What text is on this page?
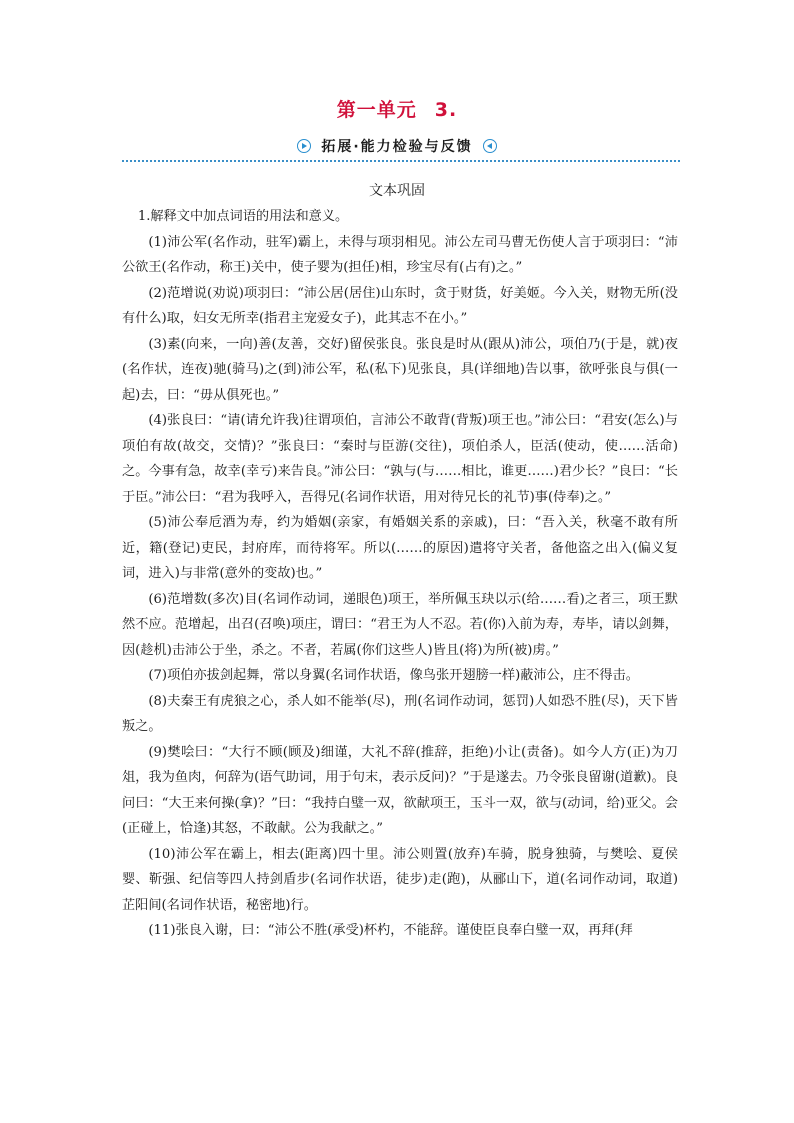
第一单元 3.
拓展·能力检验与反馈
文本巩固

1.解释文中加点词语的用法和意义。

(1)沛公军(名作动，驻军)霸上，未得与项羽相见。沛公左司马曹无伤使人言于项羽曰：“沛公欲王(名作动，称王)关中，使子婴为(担任)相，珍宝尽有(占有)之。”

(2)范增说(劝说)项羽曰：“沛公居(居住)山东时，贪于财货，好美姬。今入关，财物无所(没有什么)取，妇女无所幸(指君主宠爱女子)，此其志不在小。”

(3)素(向来，一向)善(友善，交好)留侯张良。张良是时从(跟从)沛公，项伯乃(于是，就)夜(名作状，连夜)驰(骑马)之(到)沛公军，私(私下)见张良，具(详细地)告以事，欲呼张良与俱(一起)去，曰：“毋从俱死也。”

(4)张良曰：“请(请允许我)往谓项伯，言沛公不敢背(背叛)项王也。”沛公曰：“君安(怎么)与项伯有故(故交，交情)？”张良曰：“秦时与臣游(交往)，项伯杀人，臣活(使动，使……活命)之。今事有急，故幸(幸亏)来告良。”沛公曰：“孰与(与……相比，谁更……)君少长？”良曰：“长于臣。”沛公曰：“君为我呼入，吾得兄(名词作状语，用对待兄长的礼节)事(侍奉)之。”

(5)沛公奉卮酒为寿，约为婚姻(亲家，有婚姻关系的亲戚)，曰：“吾入关，秋毫不敢有所近，籍(登记)吏民，封府库，而待将军。所以(……的原因)遣将守关者，备他盗之出入(偏义复词，进入)与非常(意外的变故)也。”

(6)范增数(多次)目(名词作动词，递眼色)项王，举所佩玉玦以示(给……看)之者三，项王默然不应。范增起，出召(召唤)项庄，谓曰：“君王为人不忍。若(你)入前为寿，寿毕，请以剑舞，因(趁机)击沛公于坐，杀之。不者，若属(你们这些人)皆且(将)为所(被)虏。”

(7)项伯亦拔剑起舞，常以身翼(名词作状语，像鸟张开翅膀一样)蔽沛公，庄不得击。

(8)夫秦王有虎狼之心，杀人如不能举(尽)，刑(名词作动词，惩罚)人如恐不胜(尽)，天下皆叛之。

(9)樊哙曰：“大行不顾(顾及)细谨，大礼不辞(推辞，拒绝)小让(责备)。如今人方(正)为刀俎，我为鱼肉，何辞为(语气助词，用于句末，表示反问)？”于是遂去。乃令张良留谢(道歉)。良问曰：“大王来何操(拿)？”曰：“我持白璧一双，欲献项王，玉斗一双，欲与(动词，给)亚父。会(正碰上，恰逢)其怒，不敢献。公为我献之。”

(10)沛公军在霸上，相去(距离)四十里。沛公则置(放弃)车骑，脱身独骑，与樊哙、夏侯婴、靳强、纪信等四人持剑盾步(名词作状语，徒步)走(跑)，从郦山下，道(名词作动词，取道)芷阳间(名词作状语，秘密地)行。

(11)张良入谢，曰：“沛公不胜(承受)杯杓，不能辞。谨使臣良奉白璧一双，再拜(拜
